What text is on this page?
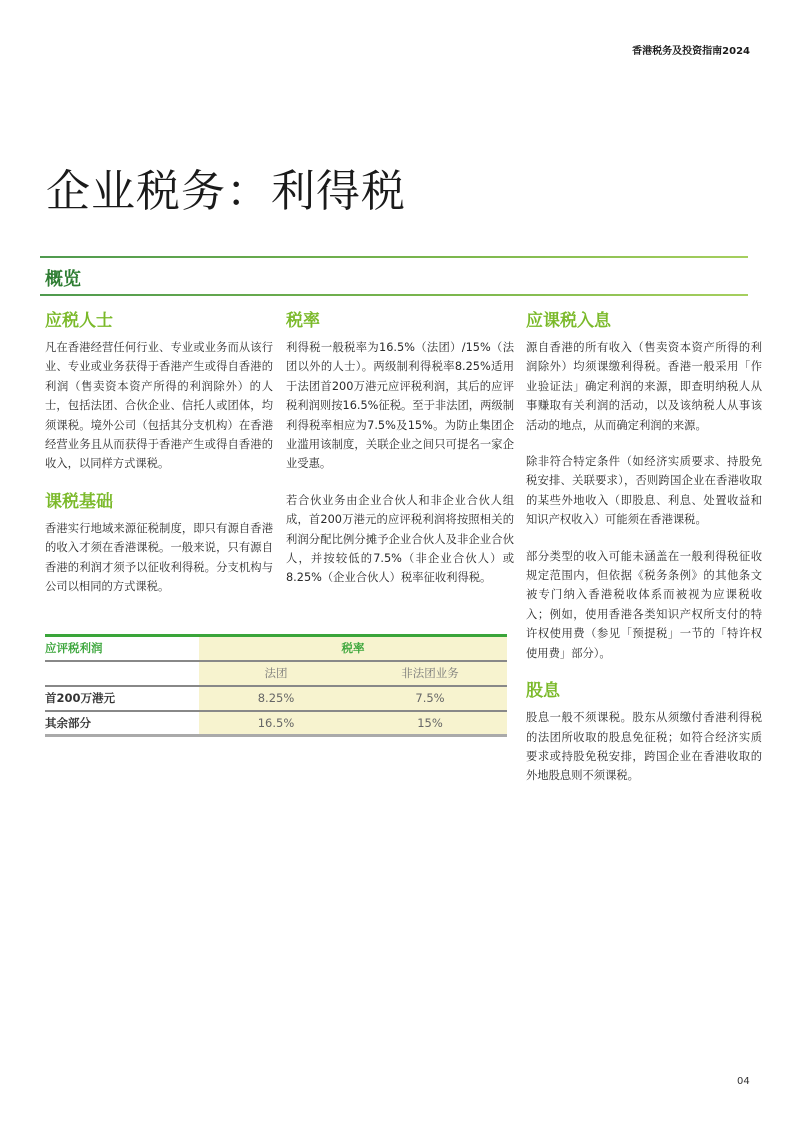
香港税务及投资指南2024
企业税务：利得税
概览
应税人士

凡在香港经营任何行业、专业或业务而从该行业、专业或业务获得于香港产生或得自香港的利润（售卖资本资产所得的利润除外）的人士，包括法团、合伙企业、信托人或团体，均须课税。境外公司（包括其分支机构）在香港经营业务且从而获得于香港产生或得自香港的收入，以同样方式课税。

课税基础

香港实行地域来源征税制度，即只有源自香港的收入才须在香港课税。一般来说，只有源自香港的利润才须予以征收利得税。分支机构与公司以相同的方式课税。

税率

利得税一般税率为16.5%（法团）/15%（法团以外的人士）。两级制利得税率8.25%适用于法团首200万港元应评税利润，其后的应评税利润则按16.5%征税。至于非法团，两级制利得税率相应为7.5%及15%。为防止集团企业滥用该制度，关联企业之间只可提名一家企业受惠。

若合伙业务由企业合伙人和非企业合伙人组成，首200万港元的应评税利润将按照相关的利润分配比例分摊予企业合伙人及非企业合伙人，并按较低的7.5%（非企业合伙人）或8.25%（企业合伙人）税率征收利得税。

应课税入息

源自香港的所有收入（售卖资本资产所得的利润除外）均须课缴利得税。香港一般采用「作业验证法」确定利润的来源，即查明纳税人从事赚取有关利润的活动，以及该纳税人从事该活动的地点，从而确定利润的来源。

除非符合特定条件（如经济实质要求、持股免税安排、关联要求），否则跨国企业在香港收取的某些外地收入（即股息、利息、处置收益和知识产权收入）可能须在香港课税。

部分类型的收入可能未涵盖在一般利得税征收规定范围内，但依据《税务条例》的其他条文被专门纳入香港税收体系而被视为应课税收入；例如，使用香港各类知识产权所支付的特许权使用费（参见「预提税」一节的「特许权使用费」部分）。

股息

股息一般不须课税。股东从须缴付香港利得税的法团所收取的股息免征税；如符合经济实质要求或持股免税安排，跨国企业在香港收取的外地股息则不须课税。

应评税利润	税率	
	法团	非法团业务
首200万港元	8.25%	7.5%
其余部分	16.5%	15%
04
